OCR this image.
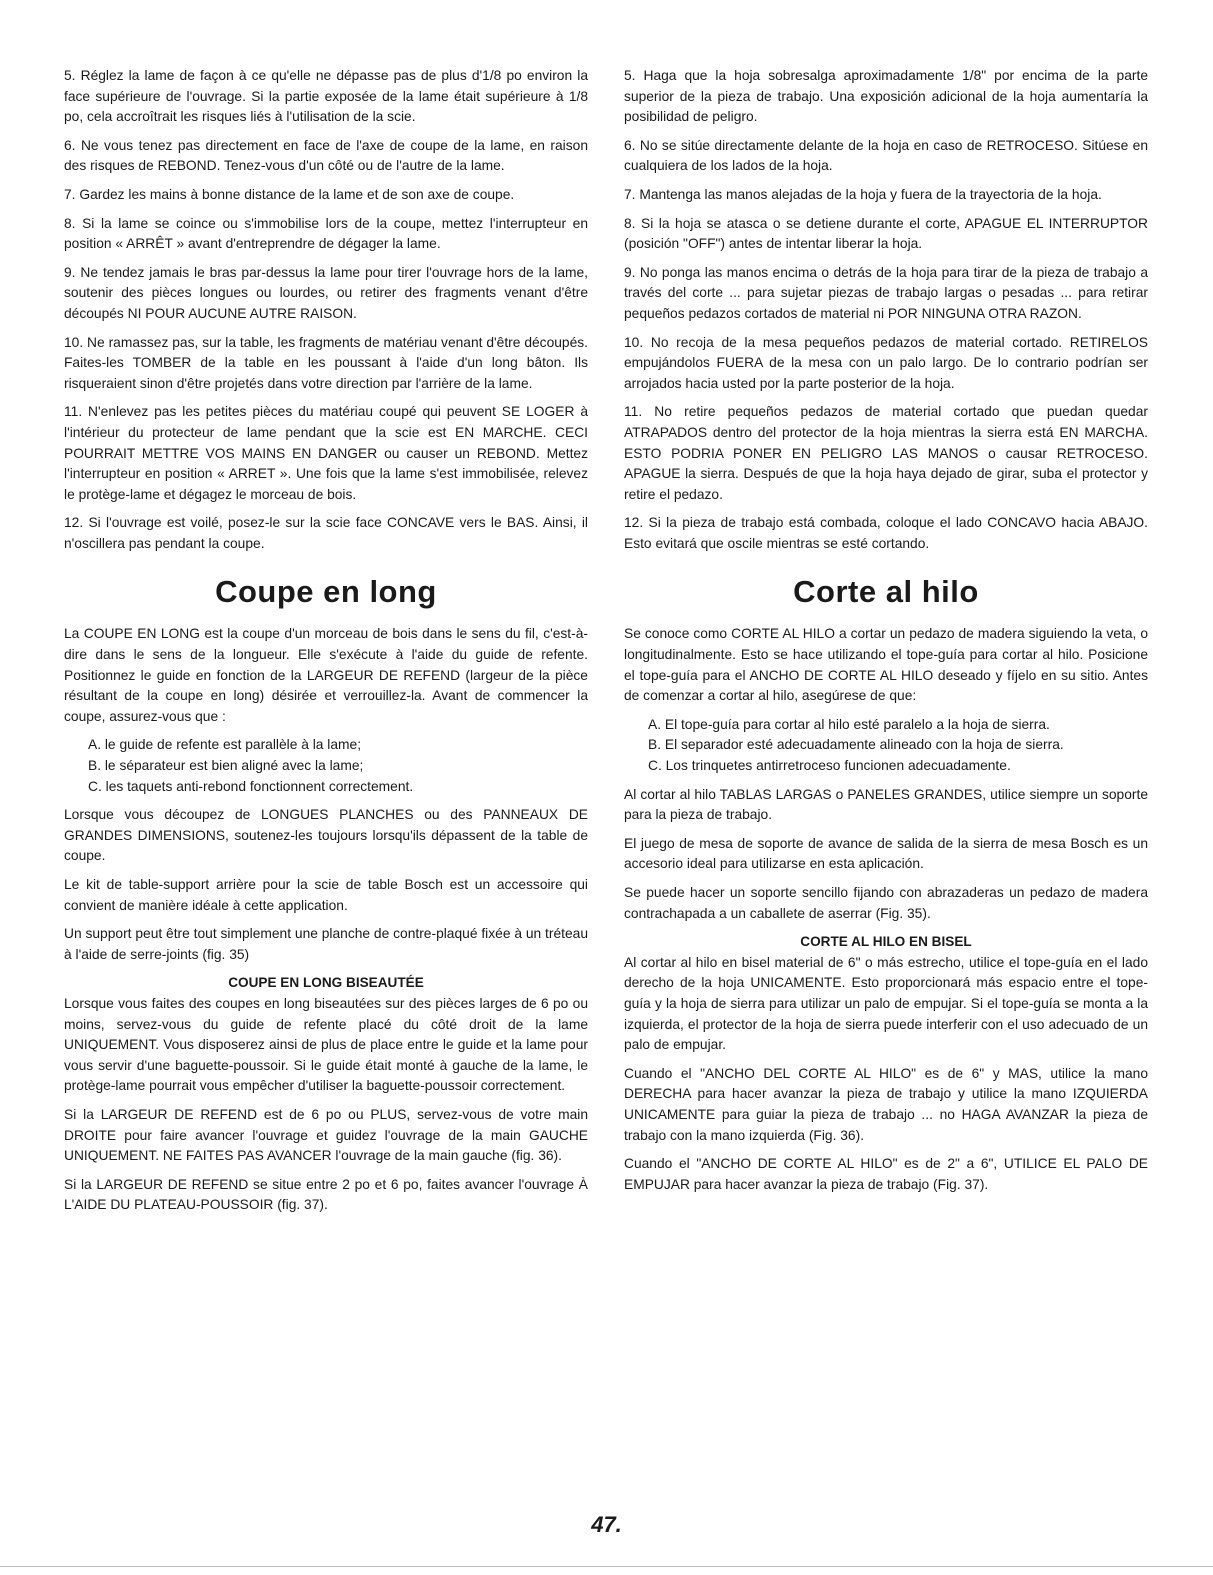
5. Réglez la lame de façon à ce qu'elle ne dépasse pas de plus d'1/8 po environ la face supérieure de l'ouvrage. Si la partie exposée de la lame était supérieure à 1/8 po, cela accroîtrait les risques liés à l'utilisation de la scie.

6. Ne vous tenez pas directement en face de l'axe de coupe de la lame, en raison des risques de REBOND. Tenez-vous d'un côté ou de l'autre de la lame.

7. Gardez les mains à bonne distance de la lame et de son axe de coupe.

8. Si la lame se coince ou s'immobilise lors de la coupe, mettez l'interrupteur en position « ARRÊT » avant d'entreprendre de dégager la lame.

9. Ne tendez jamais le bras par-dessus la lame pour tirer l'ouvrage hors de la lame, soutenir des pièces longues ou lourdes, ou retirer des fragments venant d'être découpés NI POUR AUCUNE AUTRE RAISON.

10. Ne ramassez pas, sur la table, les fragments de matériau venant d'être découpés. Faites-les TOMBER de la table en les poussant à l'aide d'un long bâton. Ils risqueraient sinon d'être projetés dans votre direction par l'arrière de la lame.

11. N'enlevez pas les petites pièces du matériau coupé qui peuvent SE LOGER à l'intérieur du protecteur de lame pendant que la scie est EN MARCHE. CECI POURRAIT METTRE VOS MAINS EN DANGER ou causer un REBOND. Mettez l'interrupteur en position « ARRET ». Une fois que la lame s'est immobilisée, relevez le protège-lame et dégagez le morceau de bois.

12. Si l'ouvrage est voilé, posez-le sur la scie face CONCAVE vers le BAS. Ainsi, il n'oscillera pas pendant la coupe.

Coupe en long

La COUPE EN LONG est la coupe d'un morceau de bois dans le sens du fil, c'est-à-dire dans le sens de la longueur. Elle s'exécute à l'aide du guide de refente. Positionnez le guide en fonction de la LARGEUR DE REFEND (largeur de la pièce résultant de la coupe en long) désirée et verrouillez-la. Avant de commencer la coupe, assurez-vous que :

A. le guide de refente est parallèle à la lame;

B. le séparateur est bien aligné avec la lame;

C. les taquets anti-rebond fonctionnent correctement.

Lorsque vous découpez de LONGUES PLANCHES ou des PANNEAUX DE GRANDES DIMENSIONS, soutenez-les toujours lorsqu'ils dépassent de la table de coupe.

Le kit de table-support arrière pour la scie de table Bosch est un accessoire qui convient de manière idéale à cette application.

Un support peut être tout simplement une planche de contre-plaqué fixée à un tréteau à l'aide de serre-joints (fig. 35)

COUPE EN LONG BISEAUTÉE

Lorsque vous faites des coupes en long biseautées sur des pièces larges de 6 po ou moins, servez-vous du guide de refente placé du côté droit de la lame UNIQUEMENT. Vous disposerez ainsi de plus de place entre le guide et la lame pour vous servir d'une baguette-poussoir. Si le guide était monté à gauche de la lame, le protège-lame pourrait vous empêcher d'utiliser la baguette-poussoir correctement.

Si la LARGEUR DE REFEND est de 6 po ou PLUS, servez-vous de votre main DROITE pour faire avancer l'ouvrage et guidez l'ouvrage de la main GAUCHE UNIQUEMENT. NE FAITES PAS AVANCER l'ouvrage de la main gauche (fig. 36).

Si la LARGEUR DE REFEND se situe entre 2 po et 6 po, faites avancer l'ouvrage À L'AIDE DU PLATEAU-POUSSOIR (fig. 37).

5. Haga que la hoja sobresalga aproximadamente 1/8" por encima de la parte superior de la pieza de trabajo. Una exposición adicional de la hoja aumentaría la posibilidad de peligro.

6. No se sitúe directamente delante de la hoja en caso de RETROCESO. Sitúese en cualquiera de los lados de la hoja.

7. Mantenga las manos alejadas de la hoja y fuera de la trayectoria de la hoja.

8. Si la hoja se atasca o se detiene durante el corte, APAGUE EL INTERRUPTOR (posición "OFF") antes de intentar liberar la hoja.

9. No ponga las manos encima o detrás de la hoja para tirar de la pieza de trabajo a través del corte ... para sujetar piezas de trabajo largas o pesadas ... para retirar pequeños pedazos cortados de material ni POR NINGUNA OTRA RAZON.

10. No recoja de la mesa pequeños pedazos de material cortado. RETIRELOS empujándolos FUERA de la mesa con un palo largo. De lo contrario podrían ser arrojados hacia usted por la parte posterior de la hoja.

11. No retire pequeños pedazos de material cortado que puedan quedar ATRAPADOS dentro del protector de la hoja mientras la sierra está EN MARCHA. ESTO PODRIA PONER EN PELIGRO LAS MANOS o causar RETROCESO. APAGUE la sierra. Después de que la hoja haya dejado de girar, suba el protector y retire el pedazo.

12. Si la pieza de trabajo está combada, coloque el lado CONCAVO hacia ABAJO. Esto evitará que oscile mientras se esté cortando.

Corte al hilo

Se conoce como CORTE AL HILO a cortar un pedazo de madera siguiendo la veta, o longitudinalmente. Esto se hace utilizando el tope-guía para cortar al hilo. Posicione el tope-guía para el ANCHO DE CORTE AL HILO deseado y fíjelo en su sitio. Antes de comenzar a cortar al hilo, asegúrese de que:

A. El tope-guía para cortar al hilo esté paralelo a la hoja de sierra.

B. El separador esté adecuadamente alineado con la hoja de sierra.

C. Los trinquetes antirretroceso funcionen adecuadamente.

Al cortar al hilo TABLAS LARGAS o PANELES GRANDES, utilice siempre un soporte para la pieza de trabajo.

El juego de mesa de soporte de avance de salida de la sierra de mesa Bosch es un accesorio ideal para utilizarse en esta aplicación.

Se puede hacer un soporte sencillo fijando con abrazaderas un pedazo de madera contrachapada a un caballete de aserrar (Fig. 35).

CORTE AL HILO EN BISEL

Al cortar al hilo en bisel material de 6" o más estrecho, utilice el tope-guía en el lado derecho de la hoja UNICAMENTE. Esto proporcionará más espacio entre el tope-guía y la hoja de sierra para utilizar un palo de empujar. Si el tope-guía se monta a la izquierda, el protector de la hoja de sierra puede interferir con el uso adecuado de un palo de empujar.

Cuando el "ANCHO DEL CORTE AL HILO" es de 6" y MAS, utilice la mano DERECHA para hacer avanzar la pieza de trabajo y utilice la mano IZQUIERDA UNICAMENTE para guiar la pieza de trabajo ... no HAGA AVANZAR la pieza de trabajo con la mano izquierda (Fig. 36).

Cuando el "ANCHO DE CORTE AL HILO" es de 2" a 6", UTILICE EL PALO DE EMPUJAR para hacer avanzar la pieza de trabajo (Fig. 37).

47.
